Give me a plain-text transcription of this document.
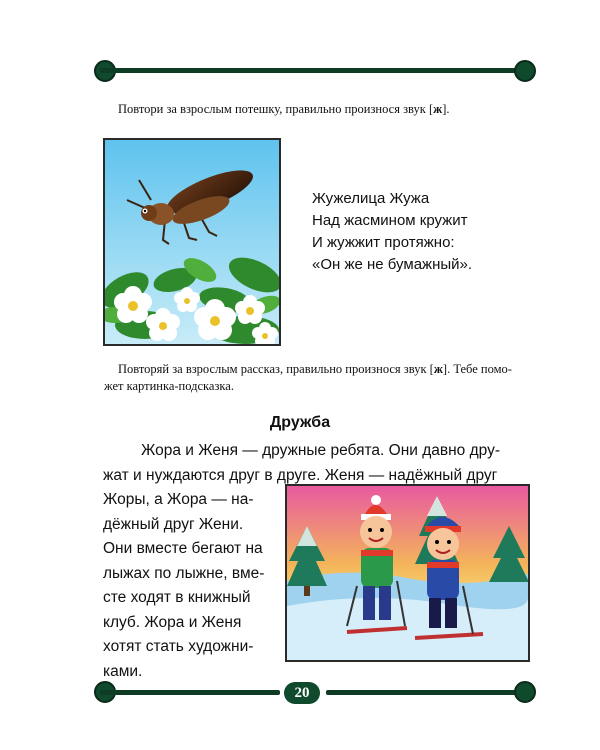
Повтори за взрослым потешку, правильно произнося звук [ж].
Жужелица Жужа
Над жасмином кружит
И жужжит протяжно:
«Он же не бумажный».
Повторяй за взрослым рассказ, правильно произнося звук [ж]. Тебе помо-
жет картинка-подсказка.
Дружба
Жора и Женя — дружные ребята. Они давно дру-
жат и нуждаются друг в друге. Женя — надёжный друг
Жоры, а Жора — на-
дёжный друг Жени.
Они вместе бегают на
лыжах по лыжне, вме-
сте ходят в книжный
клуб. Жора и Женя
хотят стать художни-
ками.
20
